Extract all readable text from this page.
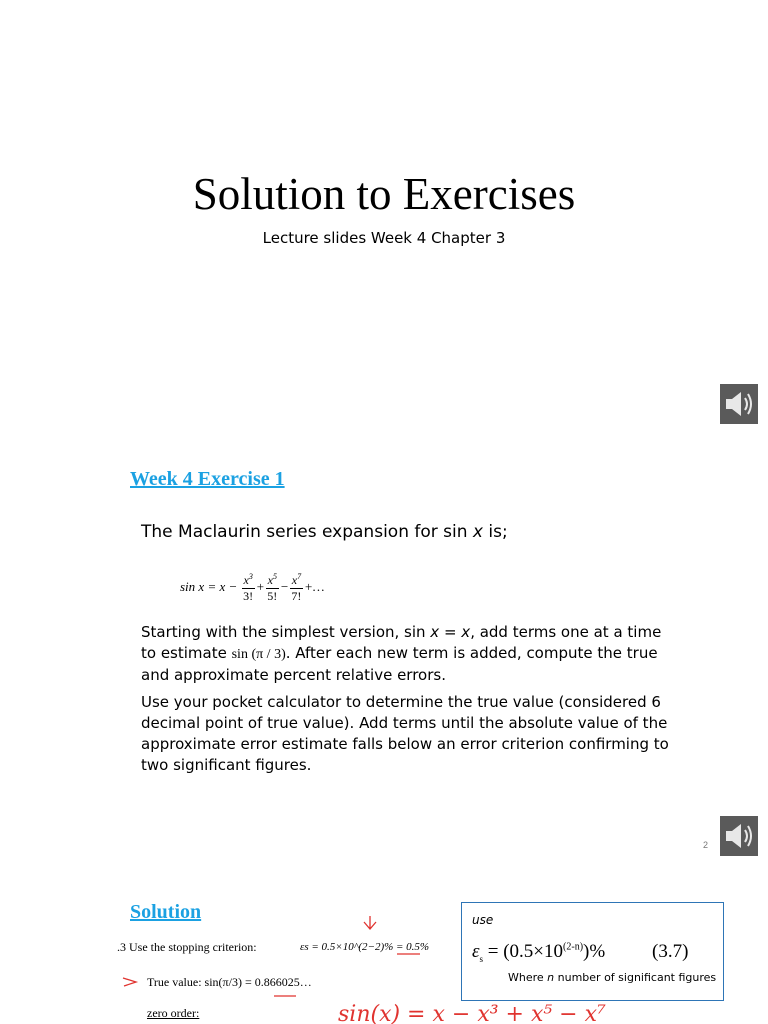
Solution to Exercises
Lecture slides Week 4 Chapter 3
Week 4 Exercise 1
The Maclaurin series expansion for sin x is;
$\sin x = x - \frac{x^3}{3!} + \frac{x^5}{5!} - \frac{x^7}{7!}$ +…
Starting with the simplest version, sin x = x, add terms one at a time to estimate sin (π / 3). After each new term is added, compute the true and approximate percent relative errors.
Use your pocket calculator to determine the true value (considered 6 decimal point of true value). Add terms until the absolute value of the approximate error estimate falls below an error criterion confirming to two significant figures.
2
Solution
.3 Use the stopping criterion:	εs = 0.5×10^(2−2)% = 0.5%
True value: sin(π/3) = 0.866025…
zero order:	sin(x) = x − x³ + x⁵ − x⁷
use
$\varepsilon_s = (0.5\times 10^{(2-n)})\%$ (3.7)
Where n number of significant figures
